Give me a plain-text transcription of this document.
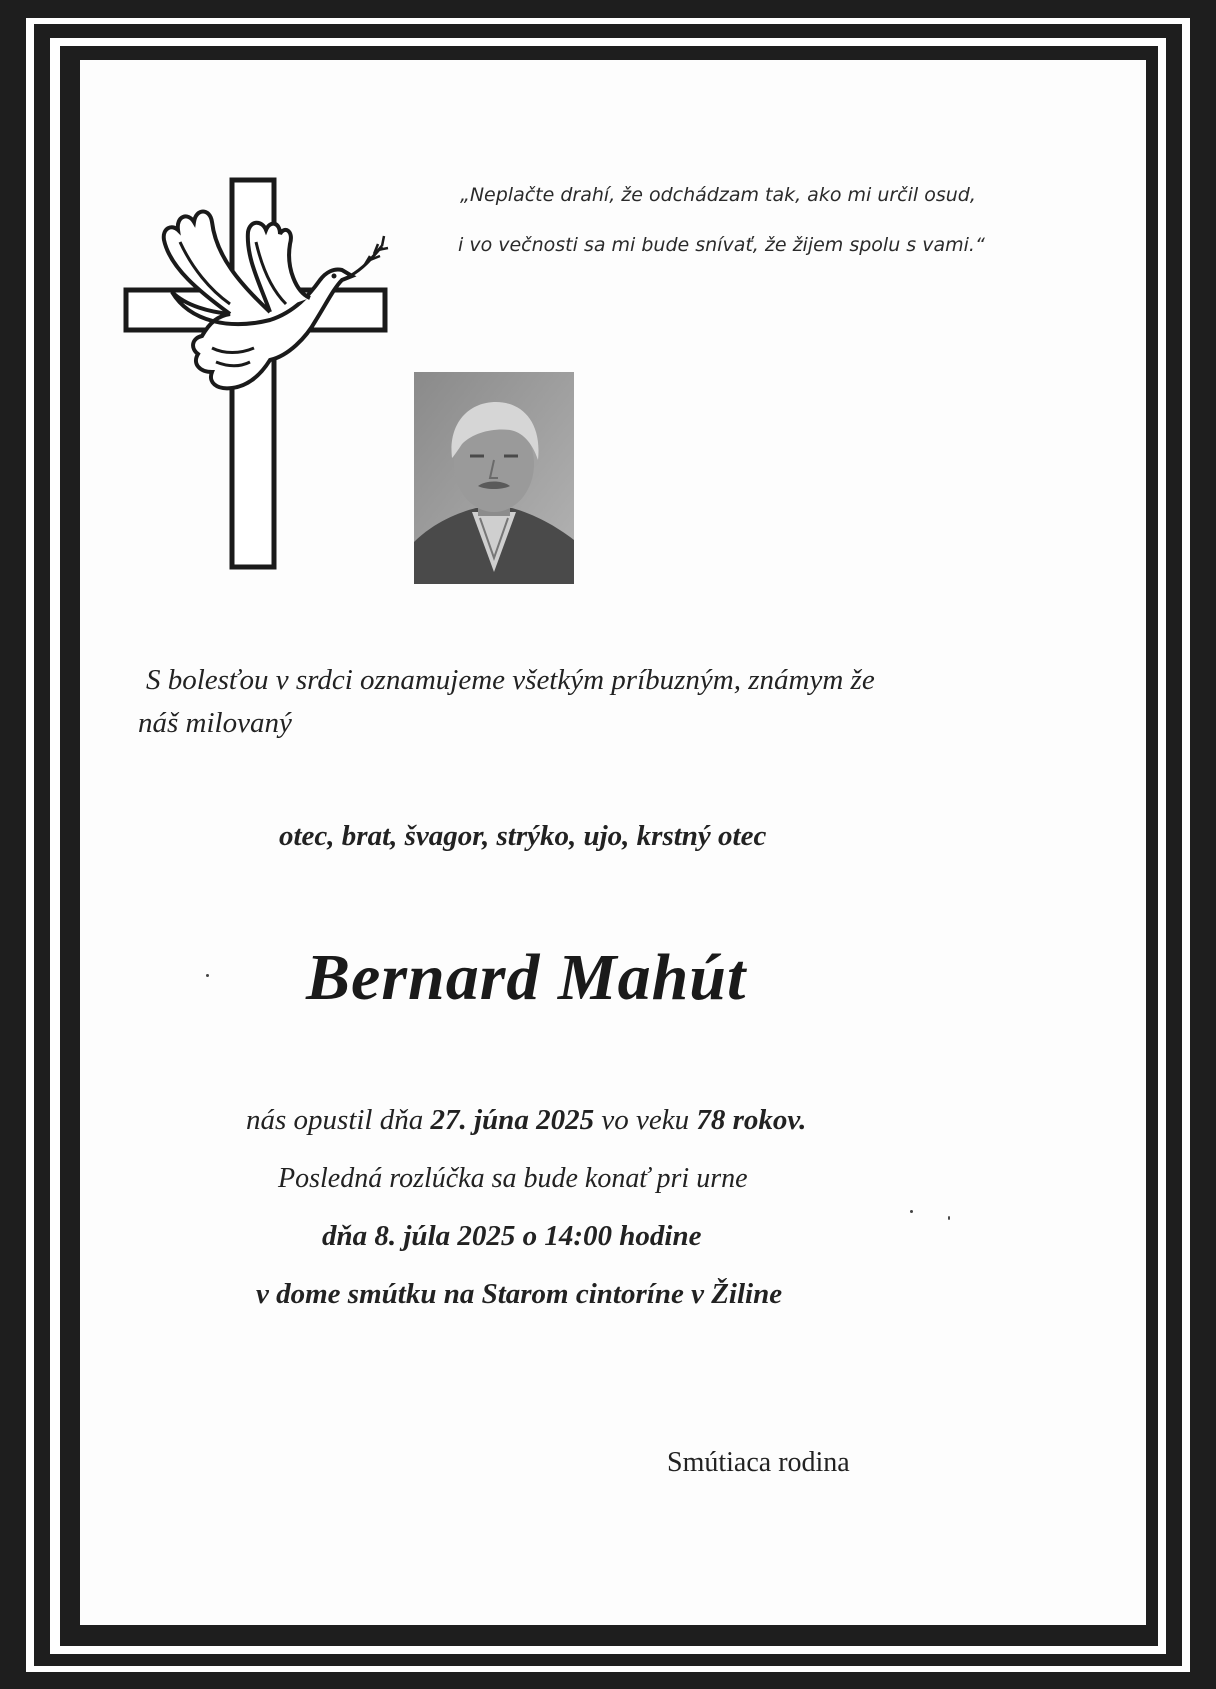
„Neplačte drahí, že odchádzam tak, ako mi určil osud,
i vo večnosti sa mi bude snívať, že žijem spolu s vami.“
S bolesťou v srdci oznamujeme všetkým príbuzným, známym že
náš milovaný
otec, brat, švagor, strýko, ujo, krstný otec
Bernard Mahút
nás opustil dňa 27. júna 2025 vo veku 78 rokov.
Posledná rozlúčka sa bude konať pri urne
dňa 8. júla 2025 o 14:00 hodine
v dome smútku na Starom cintoríne v Žiline
Smútiaca rodina
